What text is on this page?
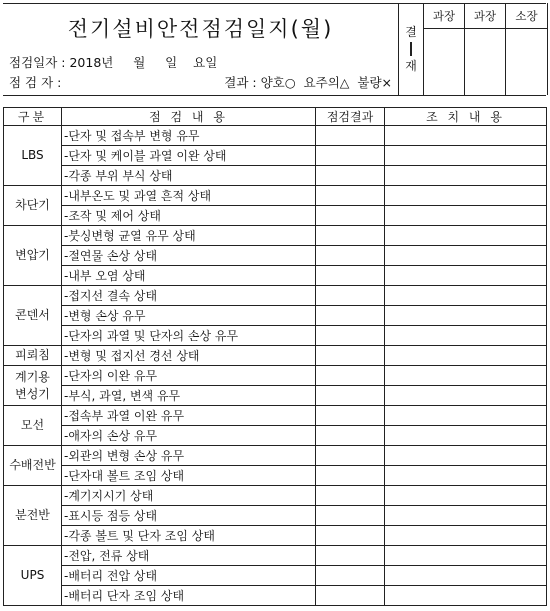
전기설비안전점검일지(월)
점검일자 : 2018년     월     일    요일
점 검 자 :	결과 : 양호○  요주의△  불량×
결
재
과장	과장	소장
구분	점 검 내 용	점검결과	조 치 내 용
LBS	-단자 및 접속부 변형 유무		
	-단자 및 케이블 과열 이완 상태		
	-각종 부위 부식 상태		
차단기	-내부온도 및 과열 흔적 상태		
	-조작 및 제어 상태		
변압기	-붓싱변형 균열 유무 상태		
	-절연물 손상 상태		
	-내부 오염 상태		
콘덴서	-접지선 결속 상태		
	-변형 손상 유무		
	-단자의 과열 및 단자의 손상 유무		
피뢰침	-변형 및 접지선 경선 상태		
계기용
변성기	-단자의 이완 유무		
	-부식, 과열, 변색 유무		
모선	-접속부 과열 이완 유무		
	-애자의 손상 유무		
수배전반	-외관의 변형 손상 유무		
	-단자대 볼트 조임 상태		
분전반	-계기지시기 상태		
	-표시등 점등 상태		
	-각종 볼트 및 단자 조임 상태		
UPS	-전압, 전류 상태		
	-배터리 전압 상태		
	-배터리 단자 조임 상태		
